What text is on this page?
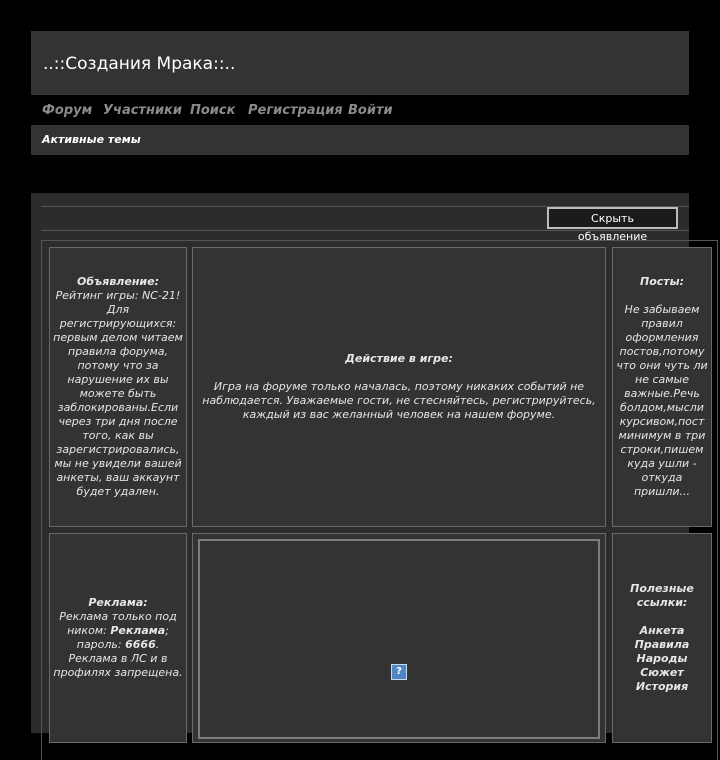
..::Создания Мрака::..
Форум Участники Поиск Регистрация Войти
Активные темы
Скрыть объявление
Объявление:
Рейтинг игры: NC-21! Для регистрирующихся: первым делом читаем правила форума, потому что за нарушение их вы можете быть заблокированы.Если через три дня после того, как вы зарегистрировались, мы не увидели вашей анкеты, ваш аккаунт будет удален.
Действие в игре:
Игра на форуме только началась, поэтому никаких событий не наблюдается. Уважаемые гости, не стесняйтесь, регистрируйтесь, каждый из вас желанный человек на нашем форуме.
Посты:
Не забываем правил оформления постов,потому что они чуть ли не самые важные.Речь болдом,мысли курсивом,пост минимум в три строки,пишем куда ушли - откуда пришли...
Реклама:
Реклама только под никoм: Реклама; пароль: 6666.
Реклама в ЛС и в профилях запрещена.	?
Полезные ссылки:
Анкета
Правила
Народы
Сюжет
История
